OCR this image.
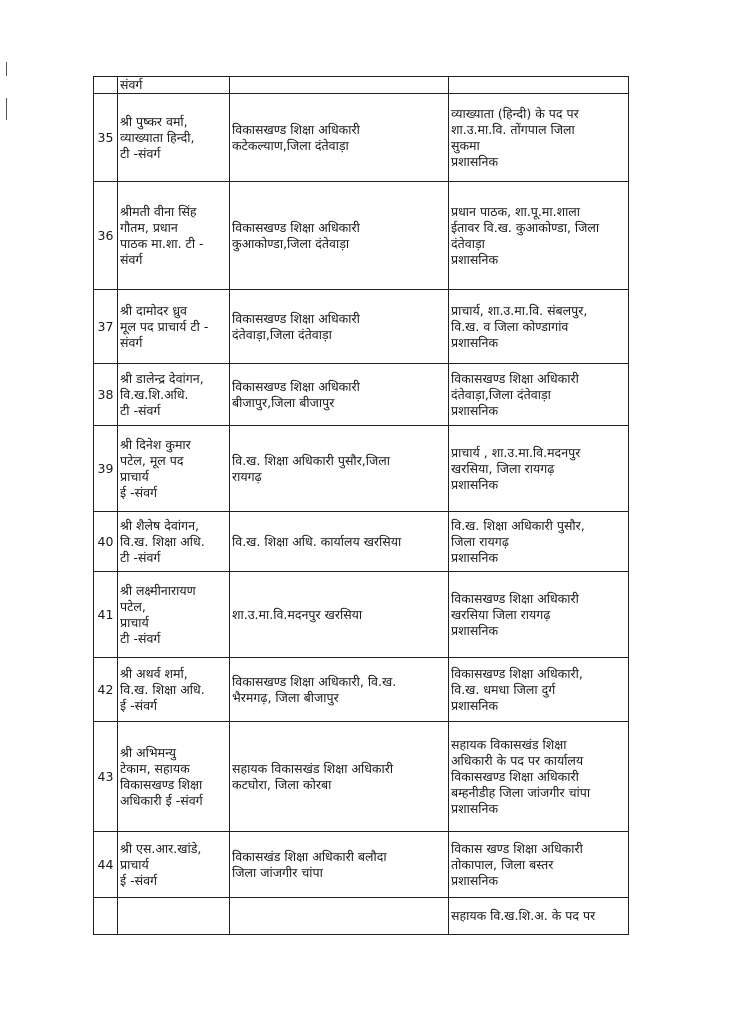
	संवर्ग		
35	श्री पुष्कर वर्मा,
व्याख्याता हिन्दी,
टी -संवर्ग	विकासखण्ड शिक्षा अधिकारी
कटेकल्याण,जिला दंतेवाड़ा	व्याख्याता (हिन्दी) के पद पर
शा.उ.मा.वि. तोंगपाल जिला
सुकमा
प्रशासनिक

36	श्रीमती वीना सिंह
गौतम, प्रधान
पाठक मा.शा. टी -
संवर्ग	विकासखण्ड शिक्षा अधिकारी
कुआकोण्डा,जिला दंतेवाड़ा	प्रधान पाठक, शा.पू.मा.शाला
ईतावर वि.ख. कुआकोण्डा, जिला
दंतेवाड़ा
प्रशासनिक

37	श्री दामोदर ध्रुव
मूल पद प्राचार्य टी -
संवर्ग	विकासखण्ड शिक्षा अधिकारी
दंतेवाड़ा,जिला दंतेवाड़ा	प्राचार्य, शा.उ.मा.वि. संबलपुर,
वि.ख. व जिला कोण्डागांव
प्रशासनिक

38	श्री डालेन्द्र देवांगन,
वि.ख.शि.अधि.
टी -संवर्ग	विकासखण्ड शिक्षा अधिकारी
बीजापुर,जिला बीजापुर	विकासखण्ड शिक्षा अधिकारी
दंतेवाड़ा,जिला दंतेवाड़ा
प्रशासनिक

39	श्री दिनेश कुमार
पटेल, मूल पद
प्राचार्य
ई -संवर्ग	वि.ख. शिक्षा अधिकारी पुसौर,जिला
रायगढ़	प्राचार्य , शा.उ.मा.वि.मदनपुर
खरसिया, जिला रायगढ़
प्रशासनिक

40	श्री शैलेष देवांगन,
वि.ख. शिक्षा अधि.
टी -संवर्ग	वि.ख. शिक्षा अधि. कार्यालय खरसिया	वि.ख. शिक्षा अधिकारी पुसौर,
जिला रायगढ़
प्रशासनिक

41	श्री लक्ष्मीनारायण
पटेल,
प्राचार्य
टी -संवर्ग	शा.उ.मा.वि.मदनपुर खरसिया	विकासखण्ड शिक्षा अधिकारी
खरसिया जिला रायगढ़
प्रशासनिक

42	श्री अथर्व शर्मा,
वि.ख. शिक्षा अधि.
ई -संवर्ग	विकासखण्ड शिक्षा अधिकारी, वि.ख.
भैरमगढ़, जिला बीजापुर	विकासखण्ड शिक्षा अधिकारी,
वि.ख. धमधा जिला दुर्ग
प्रशासनिक

43	श्री अभिमन्यु
टेकाम, सहायक
विकासखण्ड शिक्षा
अधिकारी ई -संवर्ग	सहायक विकासखंड शिक्षा अधिकारी
कटघोरा, जिला कोरबा	सहायक विकासखंड शिक्षा
अधिकारी के पद पर कार्यालय
विकासखण्ड शिक्षा अधिकारी
बम्हनीडीह जिला जांजगीर चांपा
प्रशासनिक

44	श्री एस.आर.खांडे,
प्राचार्य
ई -संवर्ग	विकासखंड शिक्षा अधिकारी बलौदा
जिला जांजगीर चांपा	विकास खण्ड शिक्षा अधिकारी
तोकापाल, जिला बस्तर
प्रशासनिक

			सहायक वि.ख.शि.अ. के पद पर
